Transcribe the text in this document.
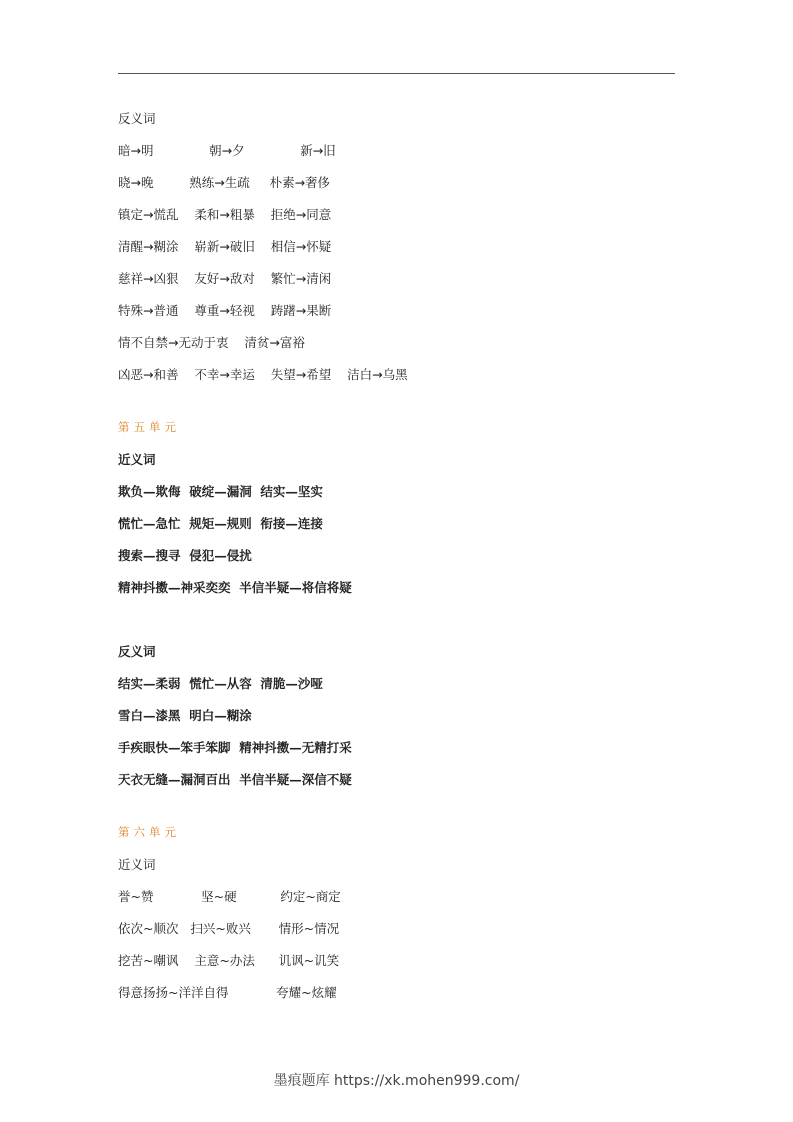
反义词
暗→明              朝→夕              新→旧
晓→晚         熟练→生疏     朴素→奢侈
镇定→慌乱    柔和→粗暴    拒绝→同意
清醒→糊涂    崭新→破旧    相信→怀疑
慈祥→凶狠    友好→敌对    繁忙→清闲
特殊→普通    尊重→轻视    踌躇→果断
情不自禁→无动于衷    清贫→富裕
凶恶→和善    不幸→幸运    失望→希望    洁白→乌黑
第五单元
近义词
欺负—欺侮  破绽—漏洞  结实—坚实
慌忙—急忙  规矩—规则  衔接—连接
搜索—搜寻  侵犯—侵扰
精神抖擞—神采奕奕  半信半疑—将信将疑
反义词
结实—柔弱  慌忙—从容  清脆—沙哑
雪白—漆黑  明白—糊涂
手疾眼快—笨手笨脚  精神抖擞—无精打采
天衣无缝—漏洞百出  半信半疑—深信不疑
第六单元
近义词
誉~赞            坚~硬           约定~商定
依次~顺次   扫兴~败兴       情形~情况
挖苦~嘲讽    主意~办法      讥讽~讥笑
得意扬扬~洋洋自得            夸耀~炫耀
墨痕题库 https://xk.mohen999.com/
